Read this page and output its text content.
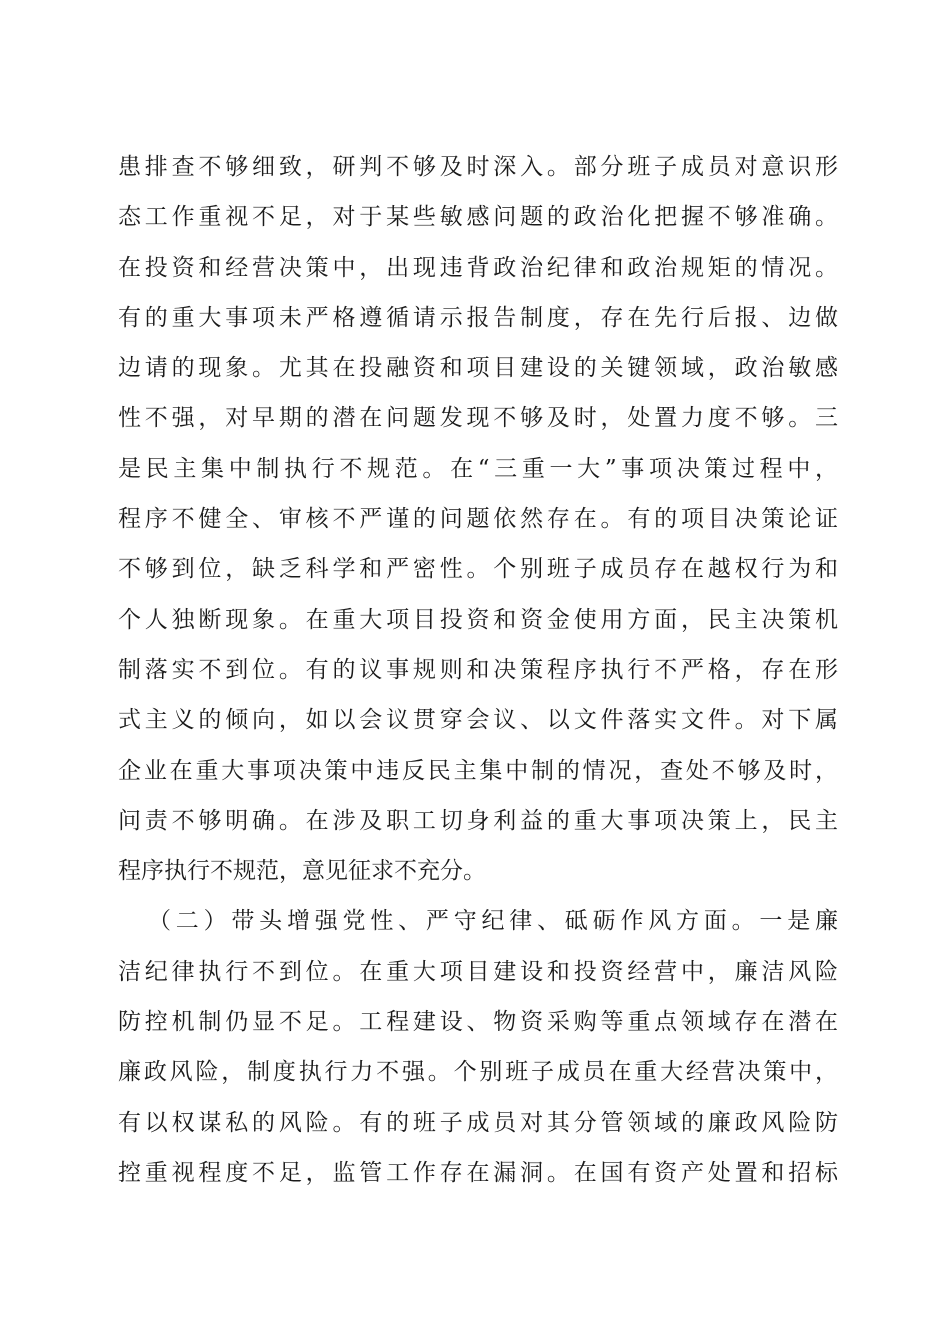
患排查不够细致，研判不够及时深入。部分班子成员对意识形
态工作重视不足，对于某些敏感问题的政治化把握不够准确。
在投资和经营决策中，出现违背政治纪律和政治规矩的情况。
有的重大事项未严格遵循请示报告制度，存在先行后报、边做
边请的现象。尤其在投融资和项目建设的关键领域，政治敏感
性不强，对早期的潜在问题发现不够及时，处置力度不够。三
是民主集中制执行不规范。在“三重一大”事项决策过程中，
程序不健全、审核不严谨的问题依然存在。有的项目决策论证
不够到位，缺乏科学和严密性。个别班子成员存在越权行为和
个人独断现象。在重大项目投资和资金使用方面，民主决策机
制落实不到位。有的议事规则和决策程序执行不严格，存在形
式主义的倾向，如以会议贯穿会议、以文件落实文件。对下属
企业在重大事项决策中违反民主集中制的情况，查处不够及时，
问责不够明确。在涉及职工切身利益的重大事项决策上，民主
程序执行不规范，意见征求不充分。
（二）带头增强党性、严守纪律、砥砺作风方面。一是廉
洁纪律执行不到位。在重大项目建设和投资经营中，廉洁风险
防控机制仍显不足。工程建设、物资采购等重点领域存在潜在
廉政风险，制度执行力不强。个别班子成员在重大经营决策中，
有以权谋私的风险。有的班子成员对其分管领域的廉政风险防
控重视程度不足，监管工作存在漏洞。在国有资产处置和招标
